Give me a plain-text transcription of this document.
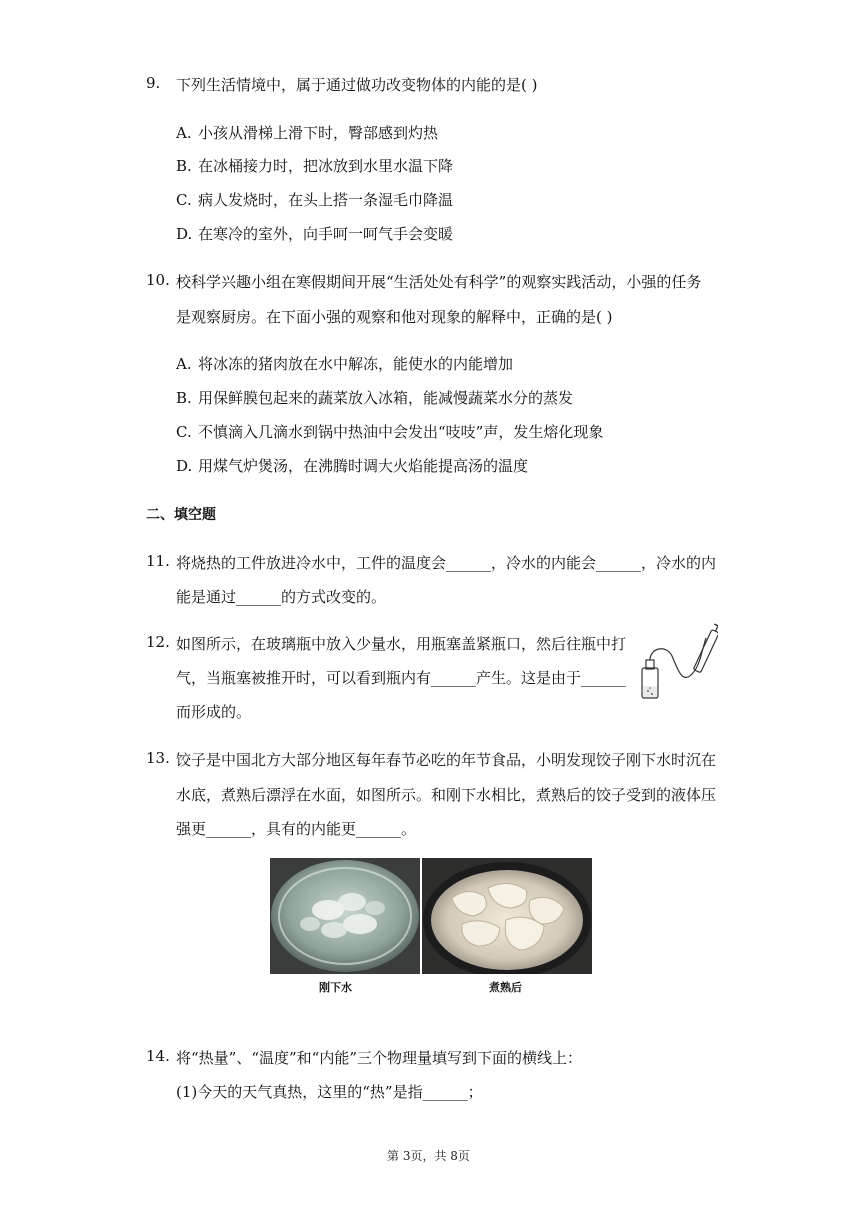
9. 下列生活情境中，属于通过做功改变物体的内能的是( )
A. 小孩从滑梯上滑下时，臀部感到灼热
B. 在冰桶接力时，把冰放到水里水温下降
C. 病人发烧时，在头上搭一条湿毛巾降温
D. 在寒冷的室外，向手呵一呵气手会变暖
10. 校科学兴趣小组在寒假期间开展“生活处处有科学”的观察实践活动，小强的任务
是观察厨房。在下面小强的观察和他对现象的解释中，正确的是( )
A. 将冰冻的猪肉放在水中解冻，能使水的内能增加
B. 用保鲜膜包起来的蔬菜放入冰箱，能减慢蔬菜水分的蒸发
C. 不慎滴入几滴水到锅中热油中会发出“吱吱”声，发生熔化现象
D. 用煤气炉煲汤，在沸腾时调大火焰能提高汤的温度
二、填空题
11. 将烧热的工件放进冷水中，工件的温度会______，冷水的内能会______，冷水的内
能是通过______的方式改变的。
12. 如图所示，在玻璃瓶中放入少量水，用瓶塞盖紧瓶口，然后往瓶中打
气，当瓶塞被推开时，可以看到瓶内有______产生。这是由于______
而形成的。
13. 饺子是中国北方大部分地区每年春节必吃的年节食品，小明发现饺子刚下水时沉在
水底，煮熟后漂浮在水面，如图所示。和刚下水相比，煮熟后的饺子受到的液体压
强更______，具有的内能更______。
刚下水	煮熟后
14. 将“热量”、“温度”和“内能”三个物理量填写到下面的横线上：
(1)今天的天气真热，这里的“热”是指______；
第 3页，共 8页
